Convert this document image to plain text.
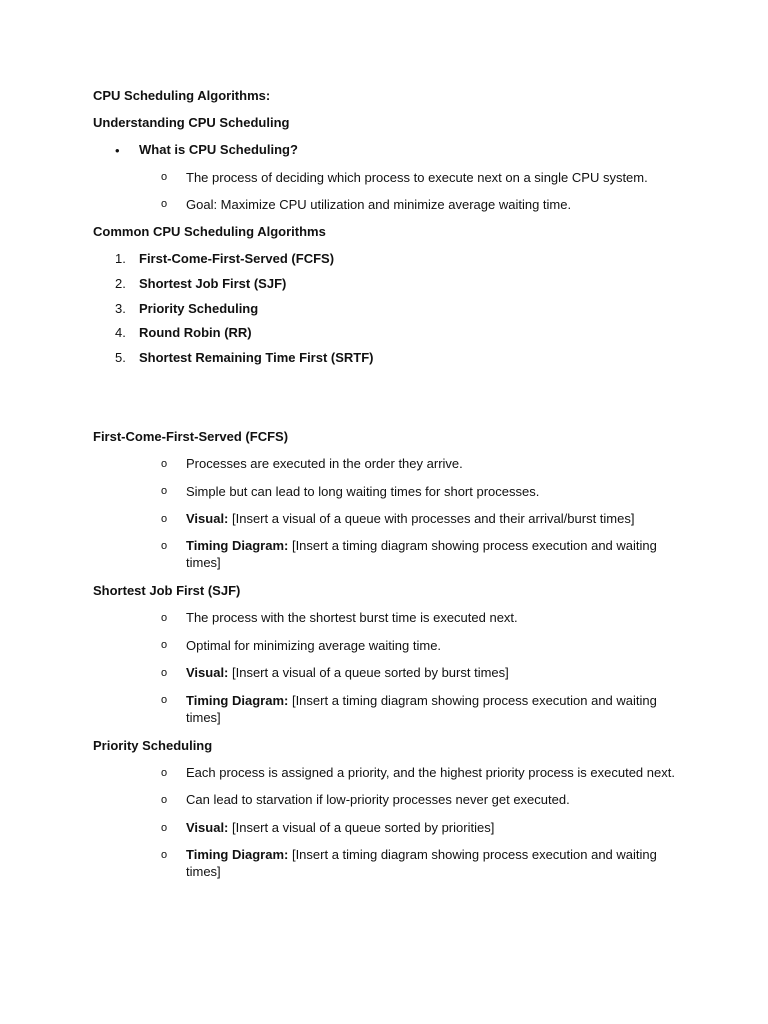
CPU Scheduling Algorithms:
Understanding CPU Scheduling
• What is CPU Scheduling?
o The process of deciding which process to execute next on a single CPU system.
o Goal: Maximize CPU utilization and minimize average waiting time.
Common CPU Scheduling Algorithms
1. First-Come-First-Served (FCFS)
2. Shortest Job First (SJF)
3. Priority Scheduling
4. Round Robin (RR)
5. Shortest Remaining Time First (SRTF)
First-Come-First-Served (FCFS)
o Processes are executed in the order they arrive.
o Simple but can lead to long waiting times for short processes.
o Visual: [Insert a visual of a queue with processes and their arrival/burst times]
o Timing Diagram: [Insert a timing diagram showing process execution and waiting times]
Shortest Job First (SJF)
o The process with the shortest burst time is executed next.
o Optimal for minimizing average waiting time.
o Visual: [Insert a visual of a queue sorted by burst times]
o Timing Diagram: [Insert a timing diagram showing process execution and waiting times]
Priority Scheduling
o Each process is assigned a priority, and the highest priority process is executed next.
o Can lead to starvation if low-priority processes never get executed.
o Visual: [Insert a visual of a queue sorted by priorities]
o Timing Diagram: [Insert a timing diagram showing process execution and waiting times]
